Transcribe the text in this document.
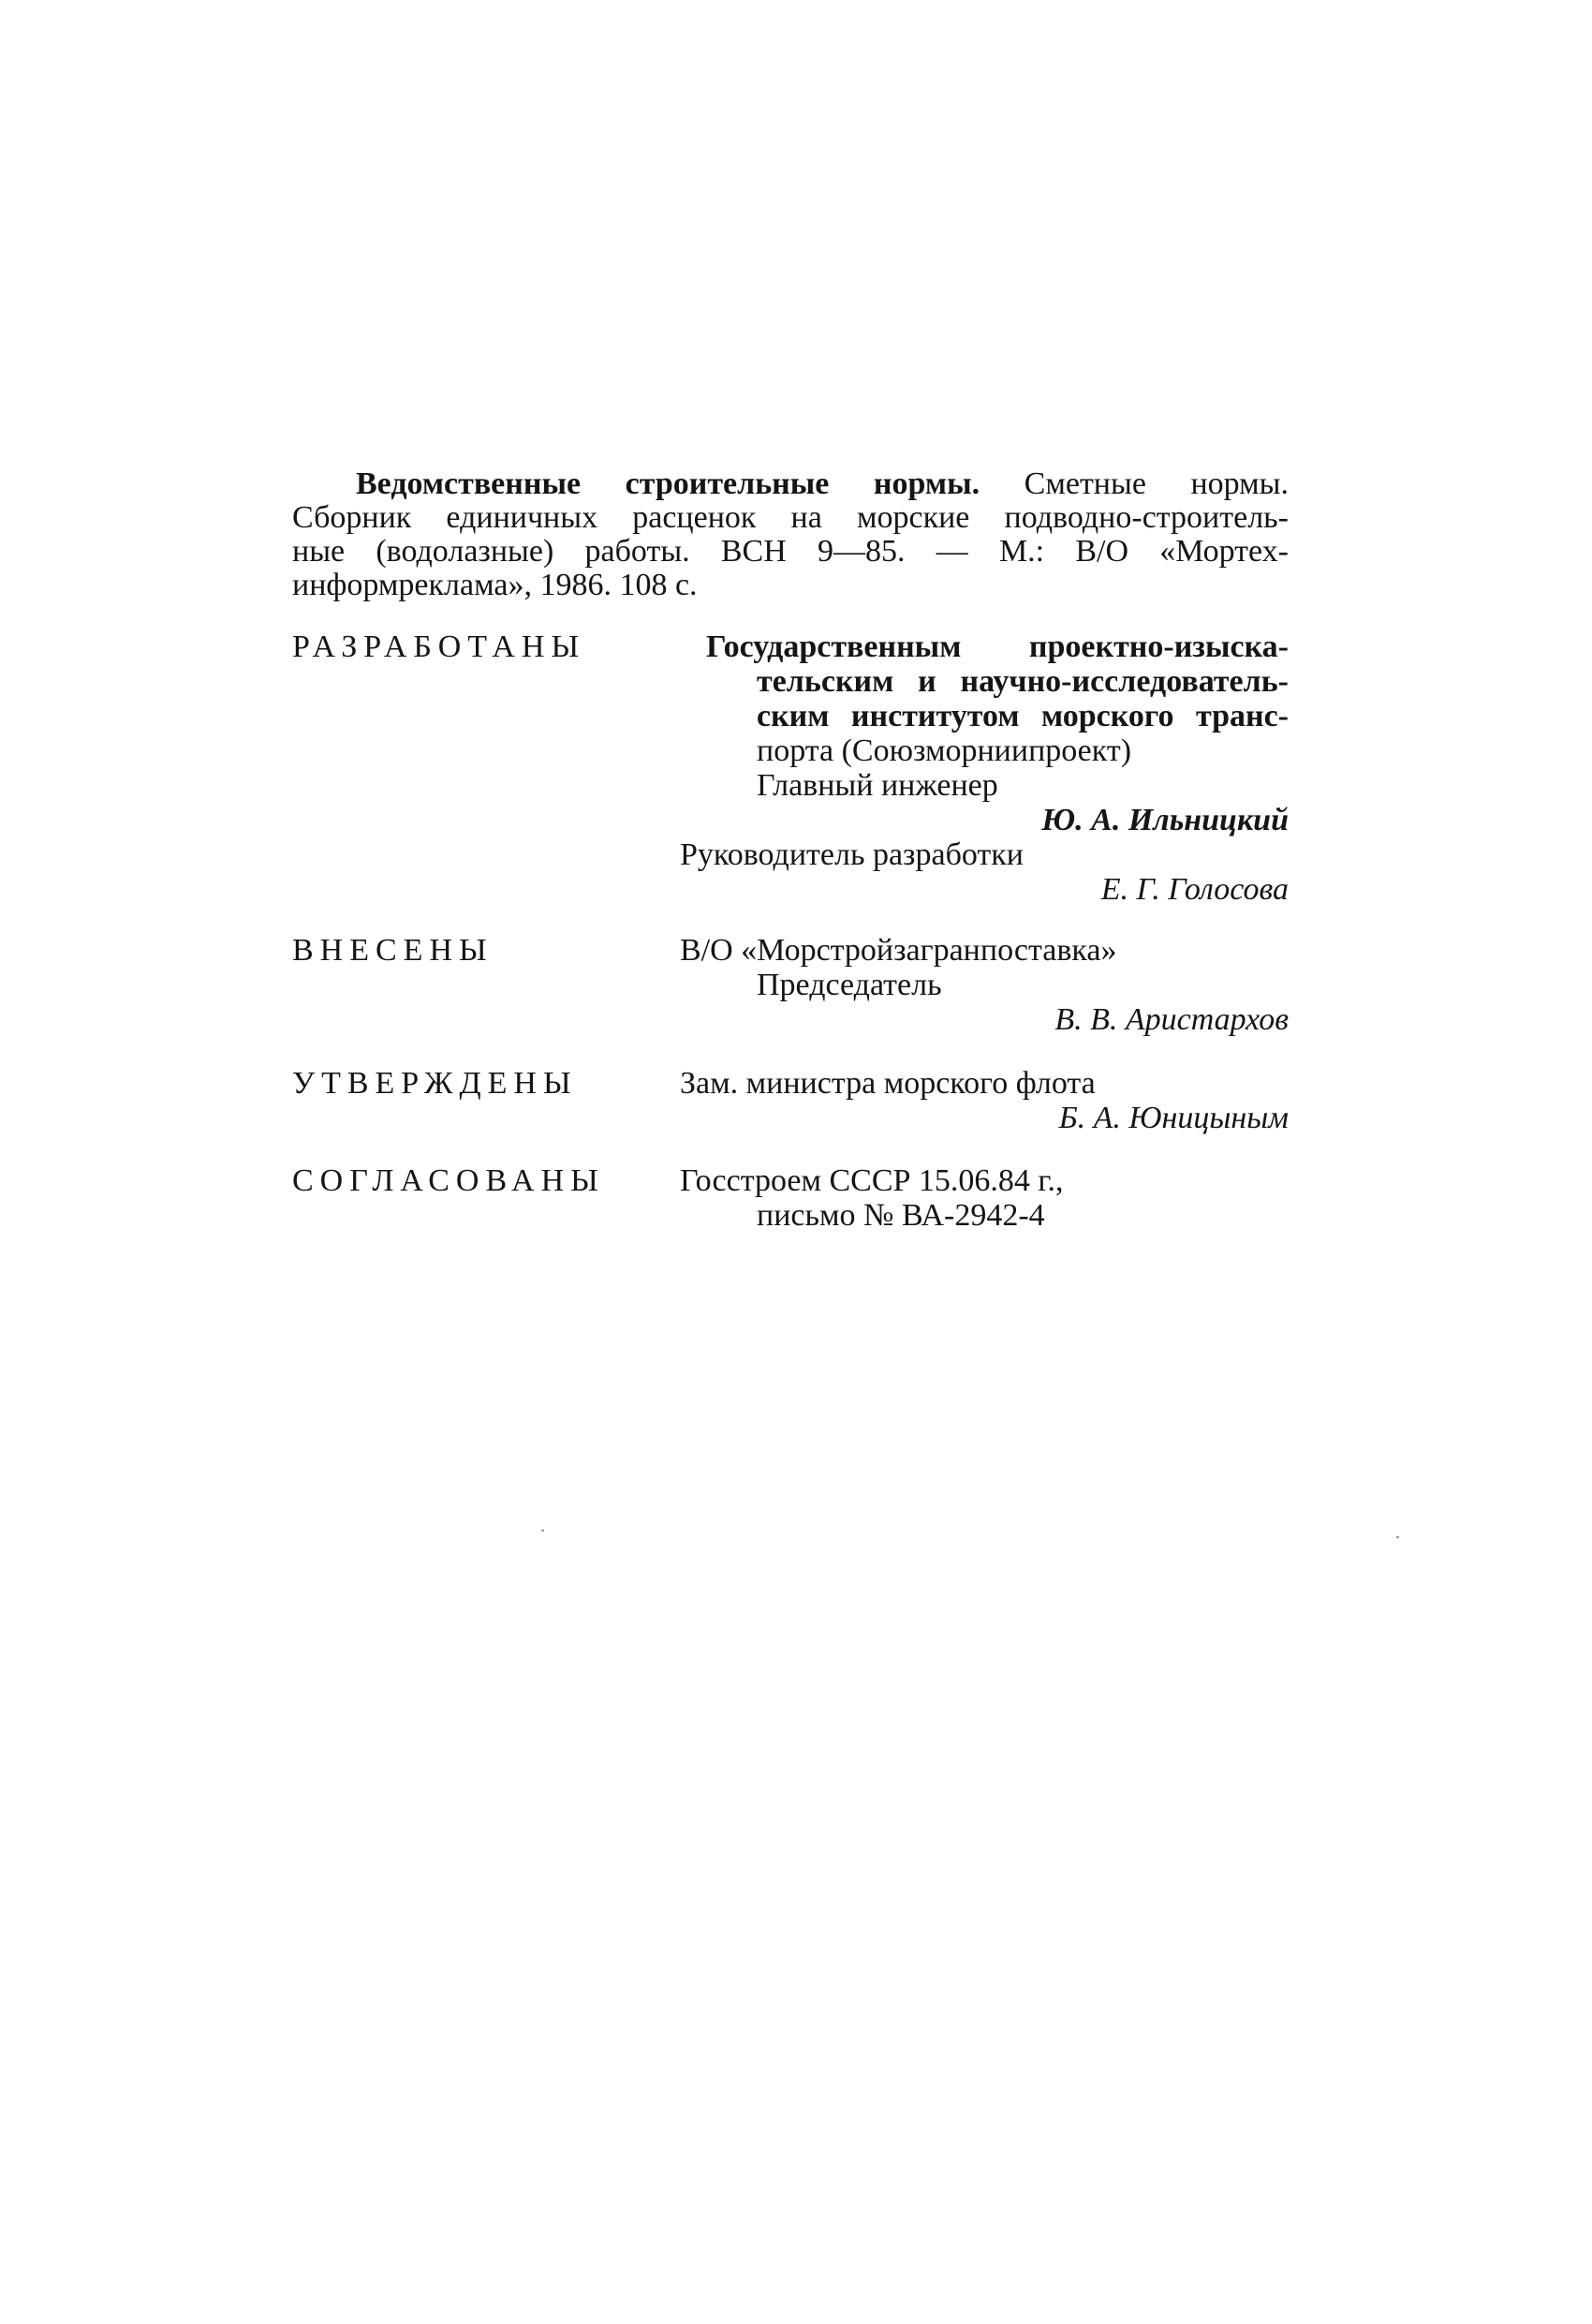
Ведомственные строительные нормы. Сметные нормы.
Сборник единичных расценок на морские подводно-строитель-
ные (водолазные) работы. ВСН 9—85. — М.: В/О «Мортех-
информреклама», 1986. 108 с.
РАЗРАБОТАНЫ	Государственным проектно-изыска-
тельским и научно-исследователь-
ским институтом морского транс-
порта (Союзморниипроект)
Главный инженер
Ю. А. Ильницкий
Руководитель разработки
Е. Г. Голосова
ВНЕСЕНЫ	В/О «Морстройзагранпоставка»
Председатель
В. В. Аристархов
УТВЕРЖДЕНЫ	Зам. министра морского флота
Б. А. Юницыным
СОГЛАСОВАНЫ Госстроем СССР 15.06.84 г.,
письмо № ВА-2942-4
